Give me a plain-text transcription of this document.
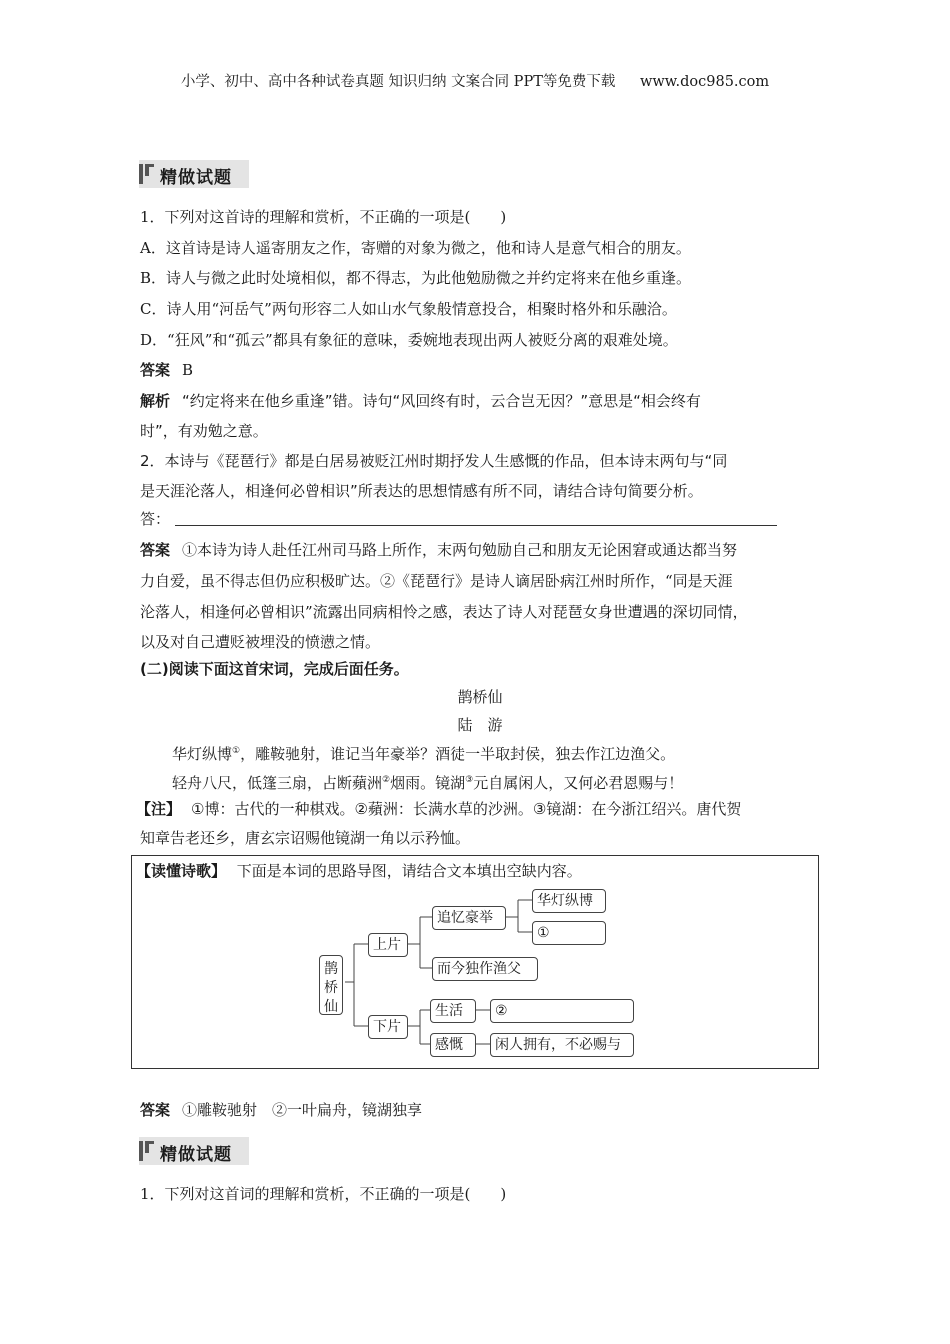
小学、初中、高中各种试卷真题 知识归纳 文案合同 PPT等免费下载 www.doc985.com
精做试题
1．下列对这首诗的理解和赏析，不正确的一项是(　　)
A．这首诗是诗人遥寄朋友之作，寄赠的对象为微之，他和诗人是意气相合的朋友。
B．诗人与微之此时处境相似，都不得志，为此他勉励微之并约定将来在他乡重逢。
C．诗人用“河岳气”两句形容二人如山水气象般情意投合，相聚时格外和乐融洽。
D．“狂风”和“孤云”都具有象征的意味，委婉地表现出两人被贬分离的艰难处境。
答案 B
解析 “约定将来在他乡重逢”错。诗句“风回终有时，云合岂无因？”意思是“相会终有
时”，有劝勉之意。
2．本诗与《琵琶行》都是白居易被贬江州时期抒发人生感慨的作品，但本诗末两句与“同
是天涯沦落人，相逢何必曾相识”所表达的思想情感有所不同，请结合诗句简要分析。
答：
答案 ①本诗为诗人赴任江州司马路上所作，末两句勉励自己和朋友无论困窘或通达都当努
力自爱，虽不得志但仍应积极旷达。②《琵琶行》是诗人谪居卧病江州时所作，“同是天涯
沦落人，相逢何必曾相识”流露出同病相怜之感，表达了诗人对琵琶女身世遭遇的深切同情，
以及对自己遭贬被埋没的愤懑之情。
(二)阅读下面这首宋词，完成后面任务。
鹊桥仙
陆　游
华灯纵博①，雕鞍驰射，谁记当年豪举？酒徒一半取封侯，独去作江边渔父。
轻舟八尺，低篷三扇，占断蘋洲②烟雨。镜湖③元自属闲人，又何必君恩赐与！
【注】 ①博：古代的一种棋戏。②蘋洲：长满水草的沙洲。③镜湖：在今浙江绍兴。唐代贺
知章告老还乡，唐玄宗诏赐他镜湖一角以示矜恤。
【读懂诗歌】 下面是本词的思路导图，请结合文本填出空缺内容。
鹊桥仙
上片
下片
追忆豪举
华灯纵博
①
而今独作渔父
生活	②
感慨	闲人拥有，不必赐与
答案 ①雕鞍驰射　②一叶扁舟，镜湖独享
精做试题
1．下列对这首词的理解和赏析，不正确的一项是(　　)
